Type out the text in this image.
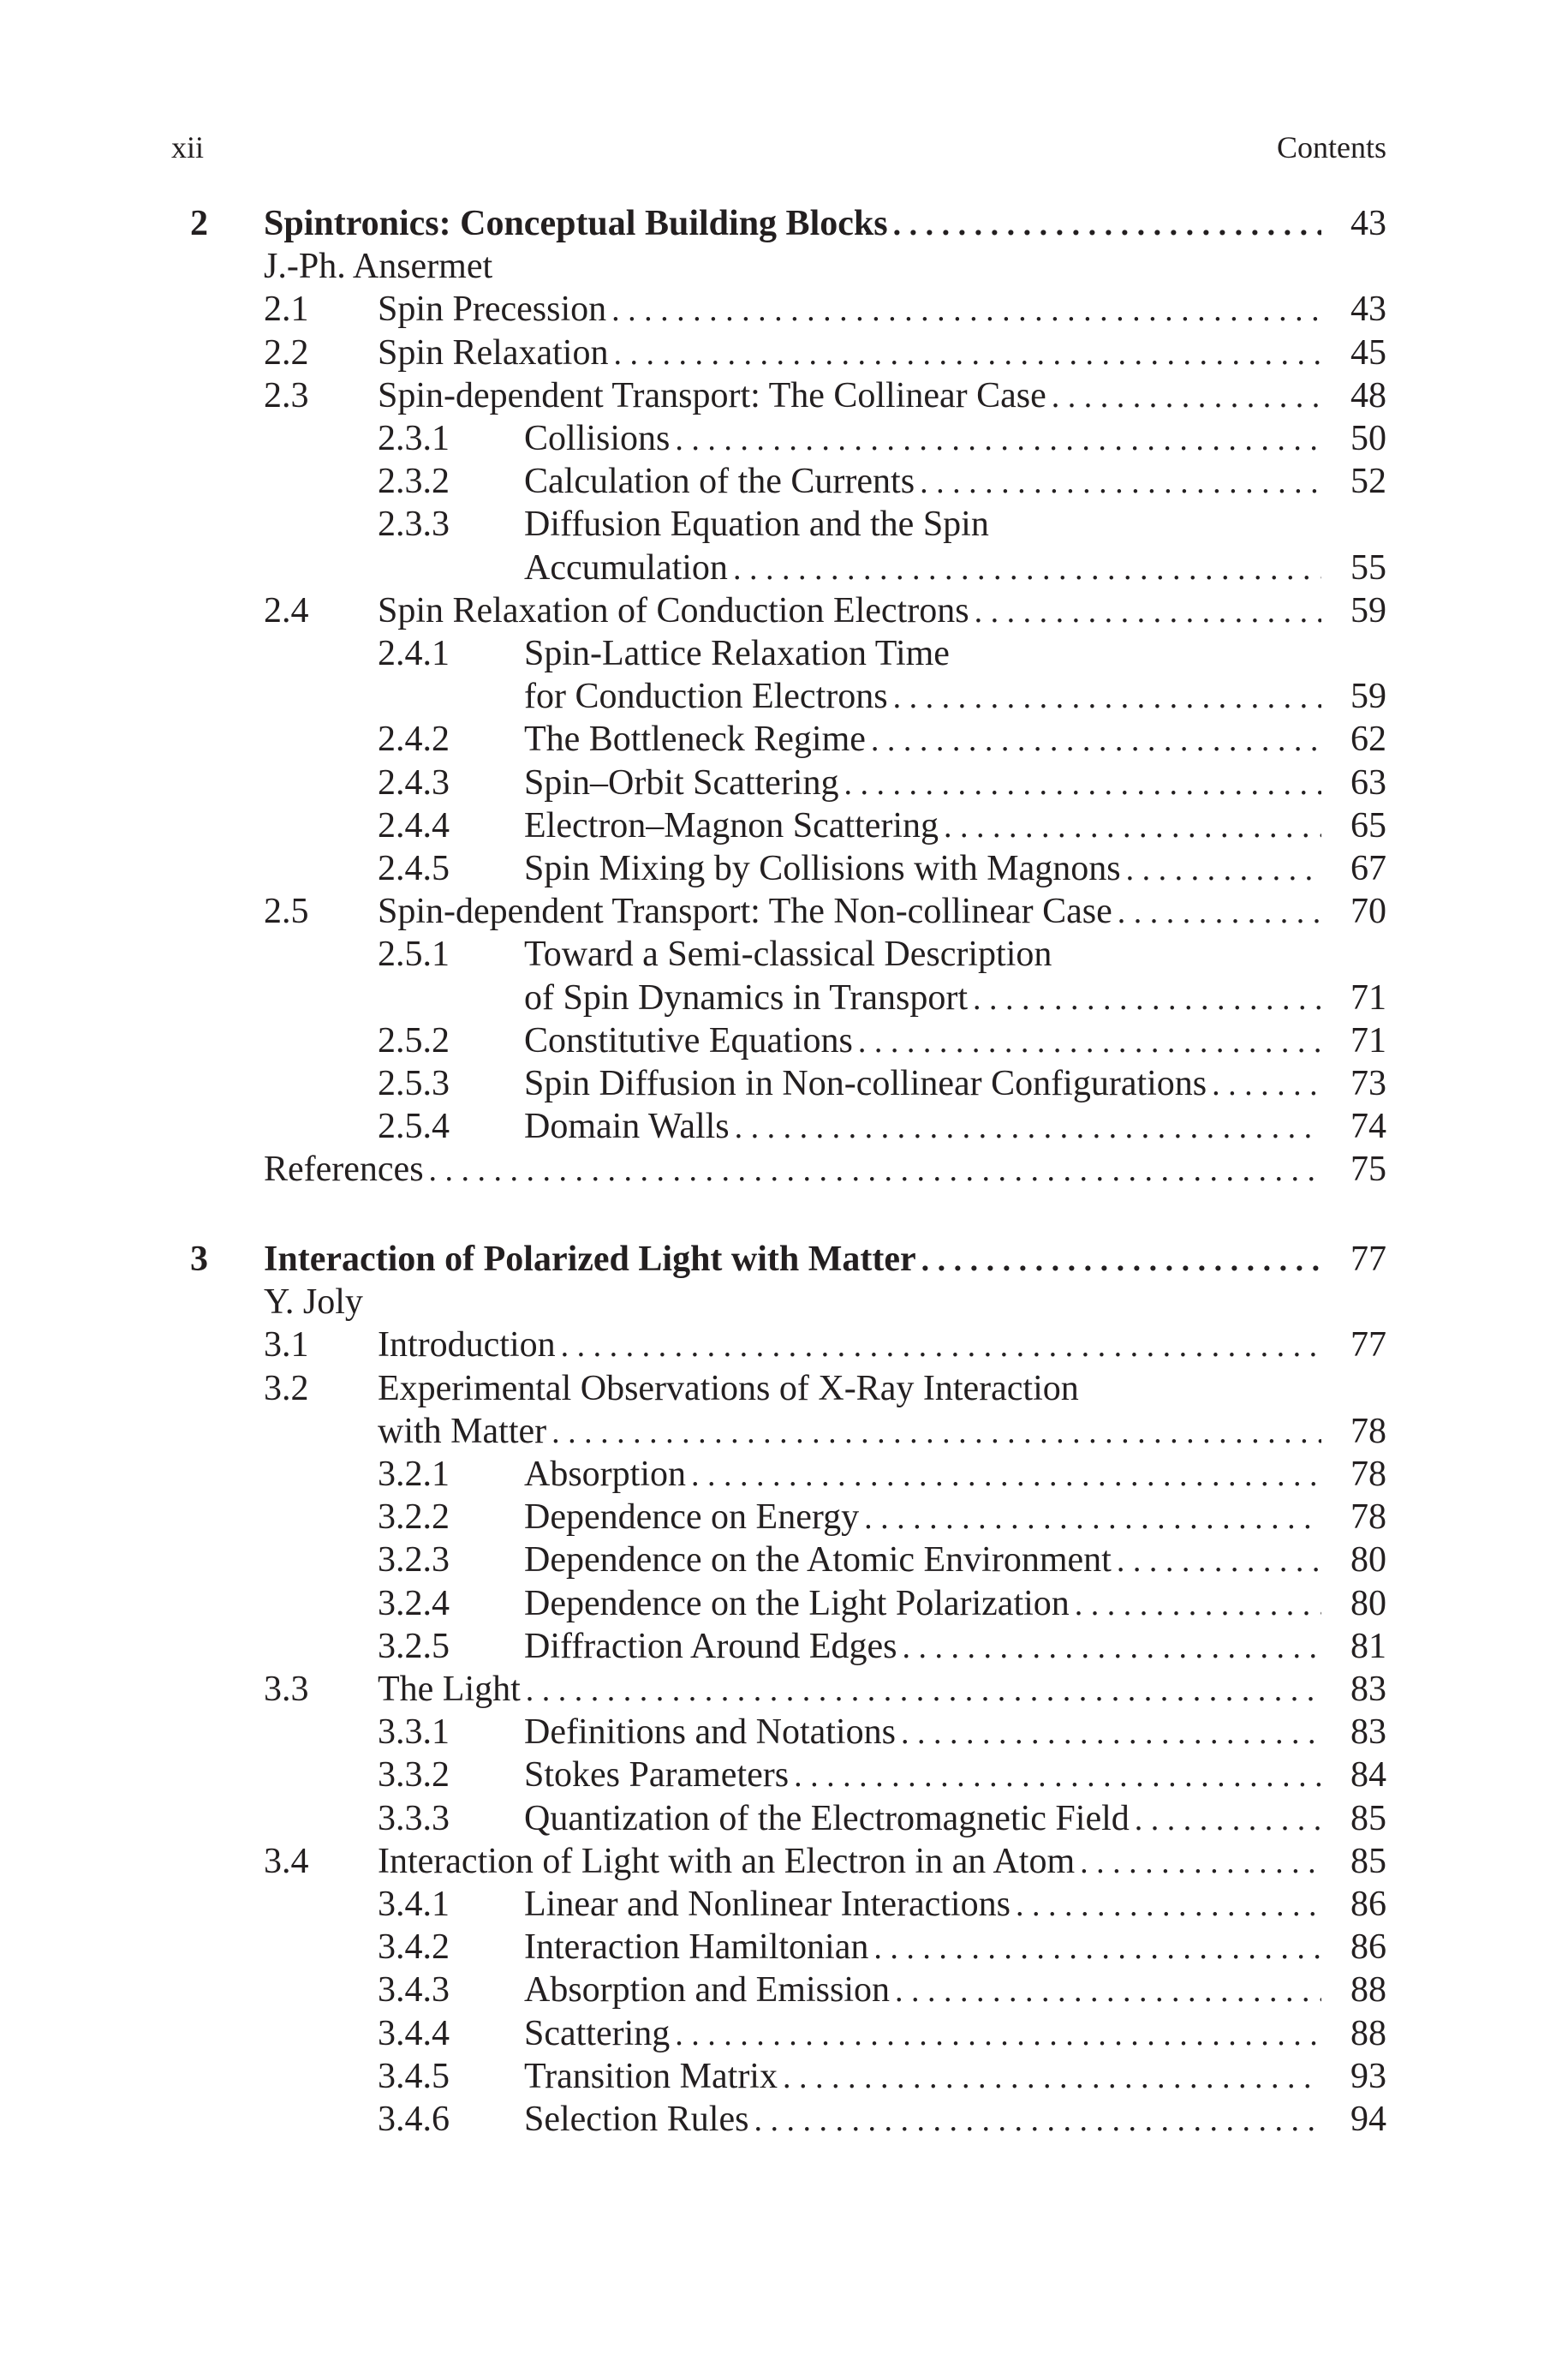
xii	Contents
2 Spintronics: Conceptual Building Blocks . . .	43
J.-Ph. Ansermet
2.1 Spin Precession . . .	43
2.2 Spin Relaxation . . .	45
2.3 Spin-dependent Transport: The Collinear Case . . .	48
2.3.1 Collisions . . .	50
2.3.2 Calculation of the Currents . . .	52
2.3.3 Diffusion Equation and the Spin
Accumulation . . .	55
2.4 Spin Relaxation of Conduction Electrons . . .	59
2.4.1 Spin-Lattice Relaxation Time
for Conduction Electrons . . .	59
2.4.2 The Bottleneck Regime . . .	62
2.4.3 Spin–Orbit Scattering . . .	63
2.4.4 Electron–Magnon Scattering . . .	65
2.4.5 Spin Mixing by Collisions with Magnons . . .	67
2.5 Spin-dependent Transport: The Non-collinear Case . . .	70
2.5.1 Toward a Semi-classical Description
of Spin Dynamics in Transport . . .	71
2.5.2 Constitutive Equations . . .	71
2.5.3 Spin Diffusion in Non-collinear Configurations . . .	73
2.5.4 Domain Walls . . .	74
References . . .	75
3 Interaction of Polarized Light with Matter . . .	77
Y. Joly
3.1 Introduction . . .	77
3.2 Experimental Observations of X-Ray Interaction
with Matter . . .	78
3.2.1 Absorption . . .	78
3.2.2 Dependence on Energy . . .	78
3.2.3 Dependence on the Atomic Environment . . .	80
3.2.4 Dependence on the Light Polarization . . .	80
3.2.5 Diffraction Around Edges . . .	81
3.3 The Light . . .	83
3.3.1 Definitions and Notations . . .	83
3.3.2 Stokes Parameters . . .	84
3.3.3 Quantization of the Electromagnetic Field . . .	85
3.4 Interaction of Light with an Electron in an Atom . . .	85
3.4.1 Linear and Nonlinear Interactions . . .	86
3.4.2 Interaction Hamiltonian . . .	86
3.4.3 Absorption and Emission . . .	88
3.4.4 Scattering . . .	88
3.4.5 Transition Matrix . . .	93
3.4.6 Selection Rules . . .	94
